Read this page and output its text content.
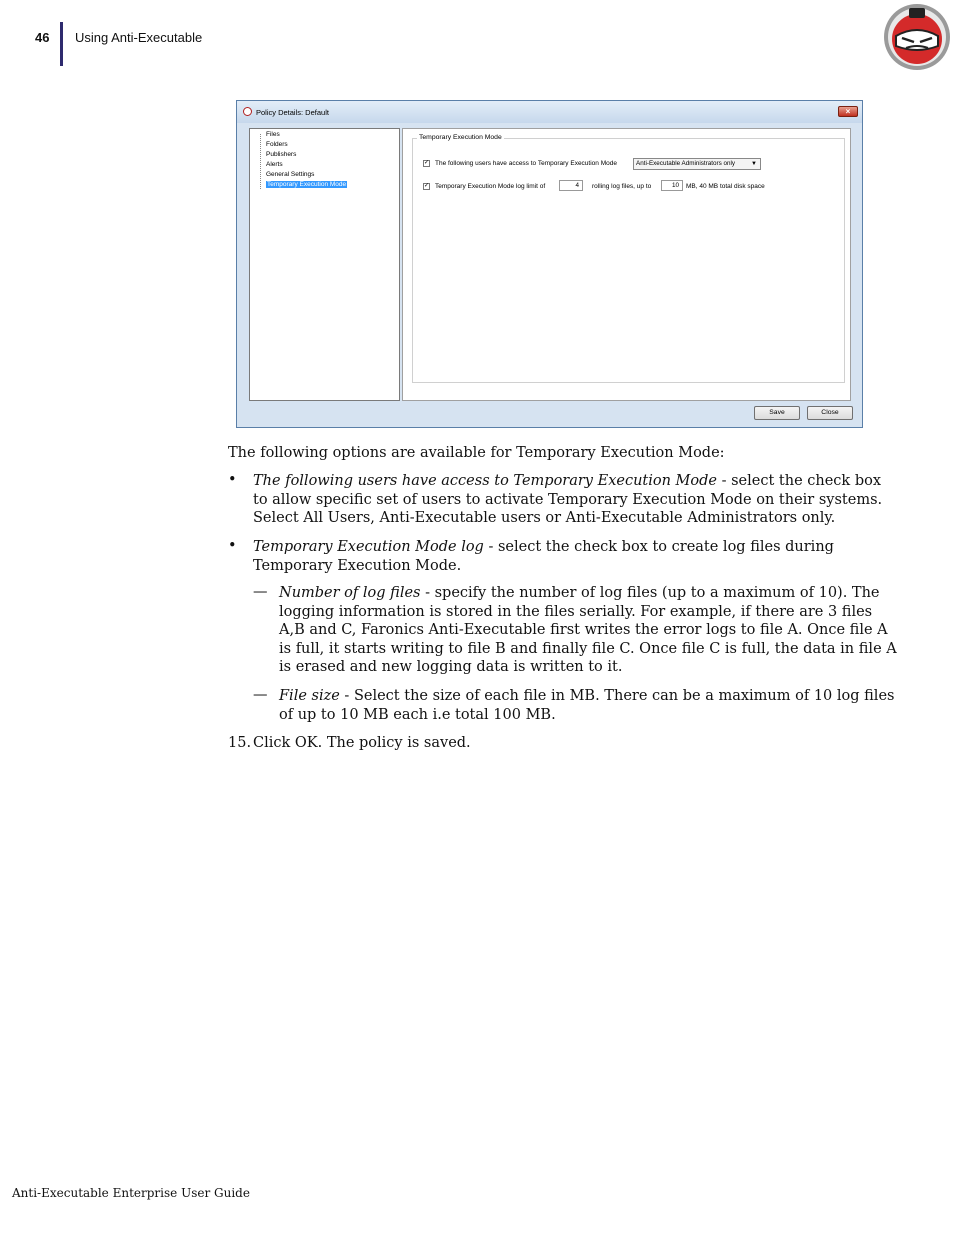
46 Using Anti-Executable
Policy Details: Default	×
Files
Folders
Publishers
Alerts
General Settings
Temporary Execution Mode
Temporary Execution Mode
✓ The following users have access to Temporary Execution Mode	Anti-Executable Administrators only	▼
✓ Temporary Execution Mode log limit of	4	rolling log files, up to	10	MB, 40 MB total disk space
Save	Close
The following options are available for Temporary Execution Mode:
• The following users have access to Temporary Execution Mode - select the check box to allow specific set of users to activate Temporary Execution Mode on their systems. Select All Users, Anti-Executable users or Anti-Executable Administrators only.
• Temporary Execution Mode log - select the check box to create log files during Temporary Execution Mode.
— Number of log files - specify the number of log files (up to a maximum of 10). The logging information is stored in the files serially. For example, if there are 3 files A,B and C, Faronics Anti-Executable first writes the error logs to file A. Once file A is full, it starts writing to file B and finally file C. Once file C is full, the data in file A is erased and new logging data is written to it.
— File size - Select the size of each file in MB. There can be a maximum of 10 log files of up to 10 MB each i.e total 100 MB.
15. Click OK. The policy is saved.
Anti-Executable Enterprise User Guide
